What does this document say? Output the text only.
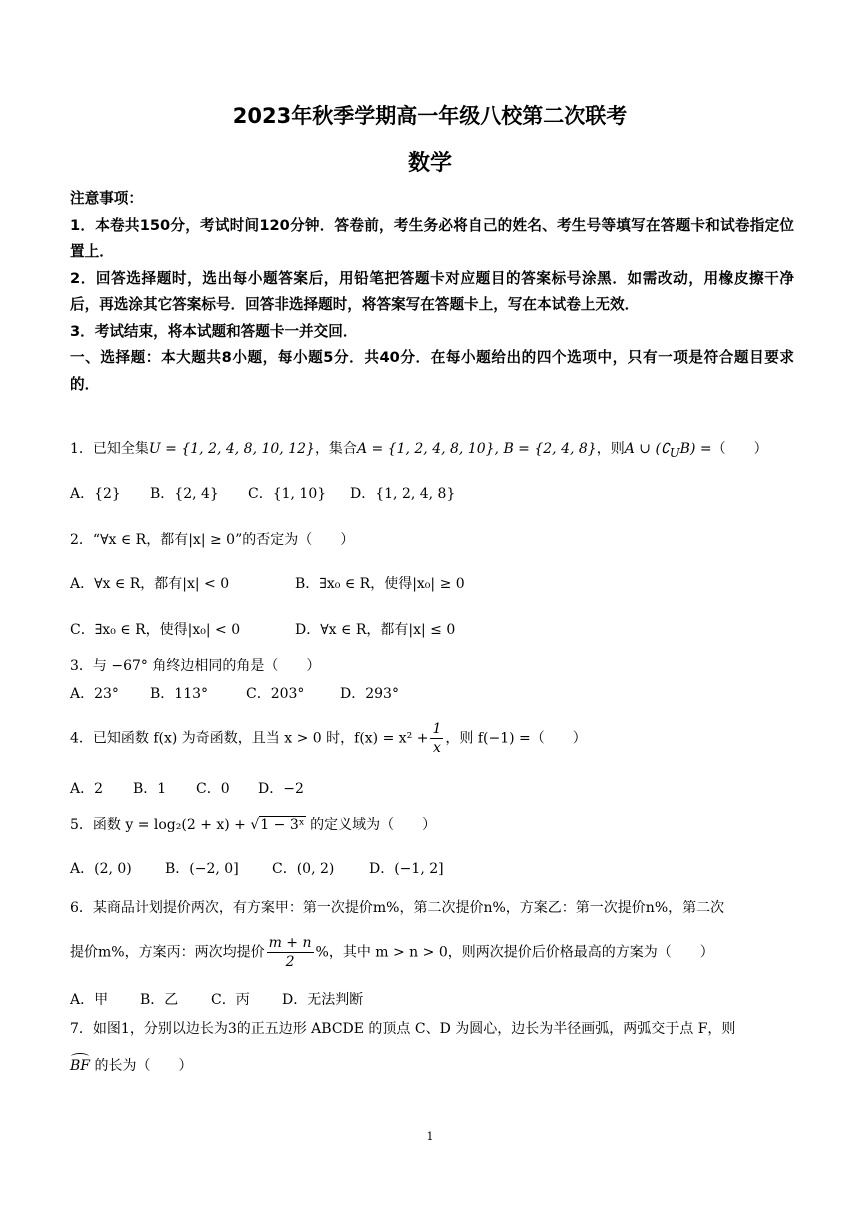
2023年秋季学期高一年级八校第二次联考
数学

注意事项：

1．本卷共150分，考试时间120分钟．答卷前，考生务必将自己的姓名、考生号等填写在答题卡和试卷指定位置上．

2．回答选择题时，选出每小题答案后，用铅笔把答题卡对应题目的答案标号涂黑．如需改动，用橡皮擦干净后，再选涂其它答案标号．回答非选择题时，将答案写在答题卡上，写在本试卷上无效．

3．考试结束，将本试题和答题卡一并交回．

一、选择题：本大题共8小题，每小题5分．共40分．在每小题给出的四个选项中，只有一项是符合题目要求的．

1．已知全集U = {1, 2, 4, 8, 10, 12}，集合A = {1, 2, 4, 8, 10}, B = {2, 4, 8}，则A ∪ $(∁_UB)$ =（　　）
A．{2} B．{2, 4} C．{1, 10} D．{1, 2, 4, 8}
2．“∀x ∈ R，都有|x| ≥ 0”的否定为（　　）
A．∀x ∈ R，都有|x| < 0	B．∃x₀ ∈ R，使得|x₀| ≥ 0
C．∃x₀ ∈ R，使得|x₀| < 0	D．∀x ∈ R，都有|x| ≤ 0
3．与 −67° 角终边相同的角是（　　）
A．23° B．113°	C．203°	D．293°
4．已知函数 f(x) 为奇函数，且当 x > 0 时，$f(x) = x^2 + \frac{1}{x}$ ，则 f(−1) =（　　）
A．2 B．1 C．0 D．−2
5．函数 y = log₂(2 + x) + √1 − 3ˣ 的定义域为（　　）
A．(2, 0) B．(−2, 0] C．(0, 2) D．(−1, 2]
6．某商品计划提价两次，有方案甲：第一次提价m%，第二次提价n%，方案乙：第一次提价n%，第二次
提价m%，方案丙：两次均提价 $\frac{m + n}{2}$ %，其中 m > n > 0，则两次提价后价格最高的方案为（　　）
A．甲 B．乙 C．丙 D．无法判断
7．如图1，分别以边长为3的正五边形 ABCDE 的顶点 C、D 为圆心，边长为半径画弧，两弧交于点 F，则
BF 的长为（　　）
1
